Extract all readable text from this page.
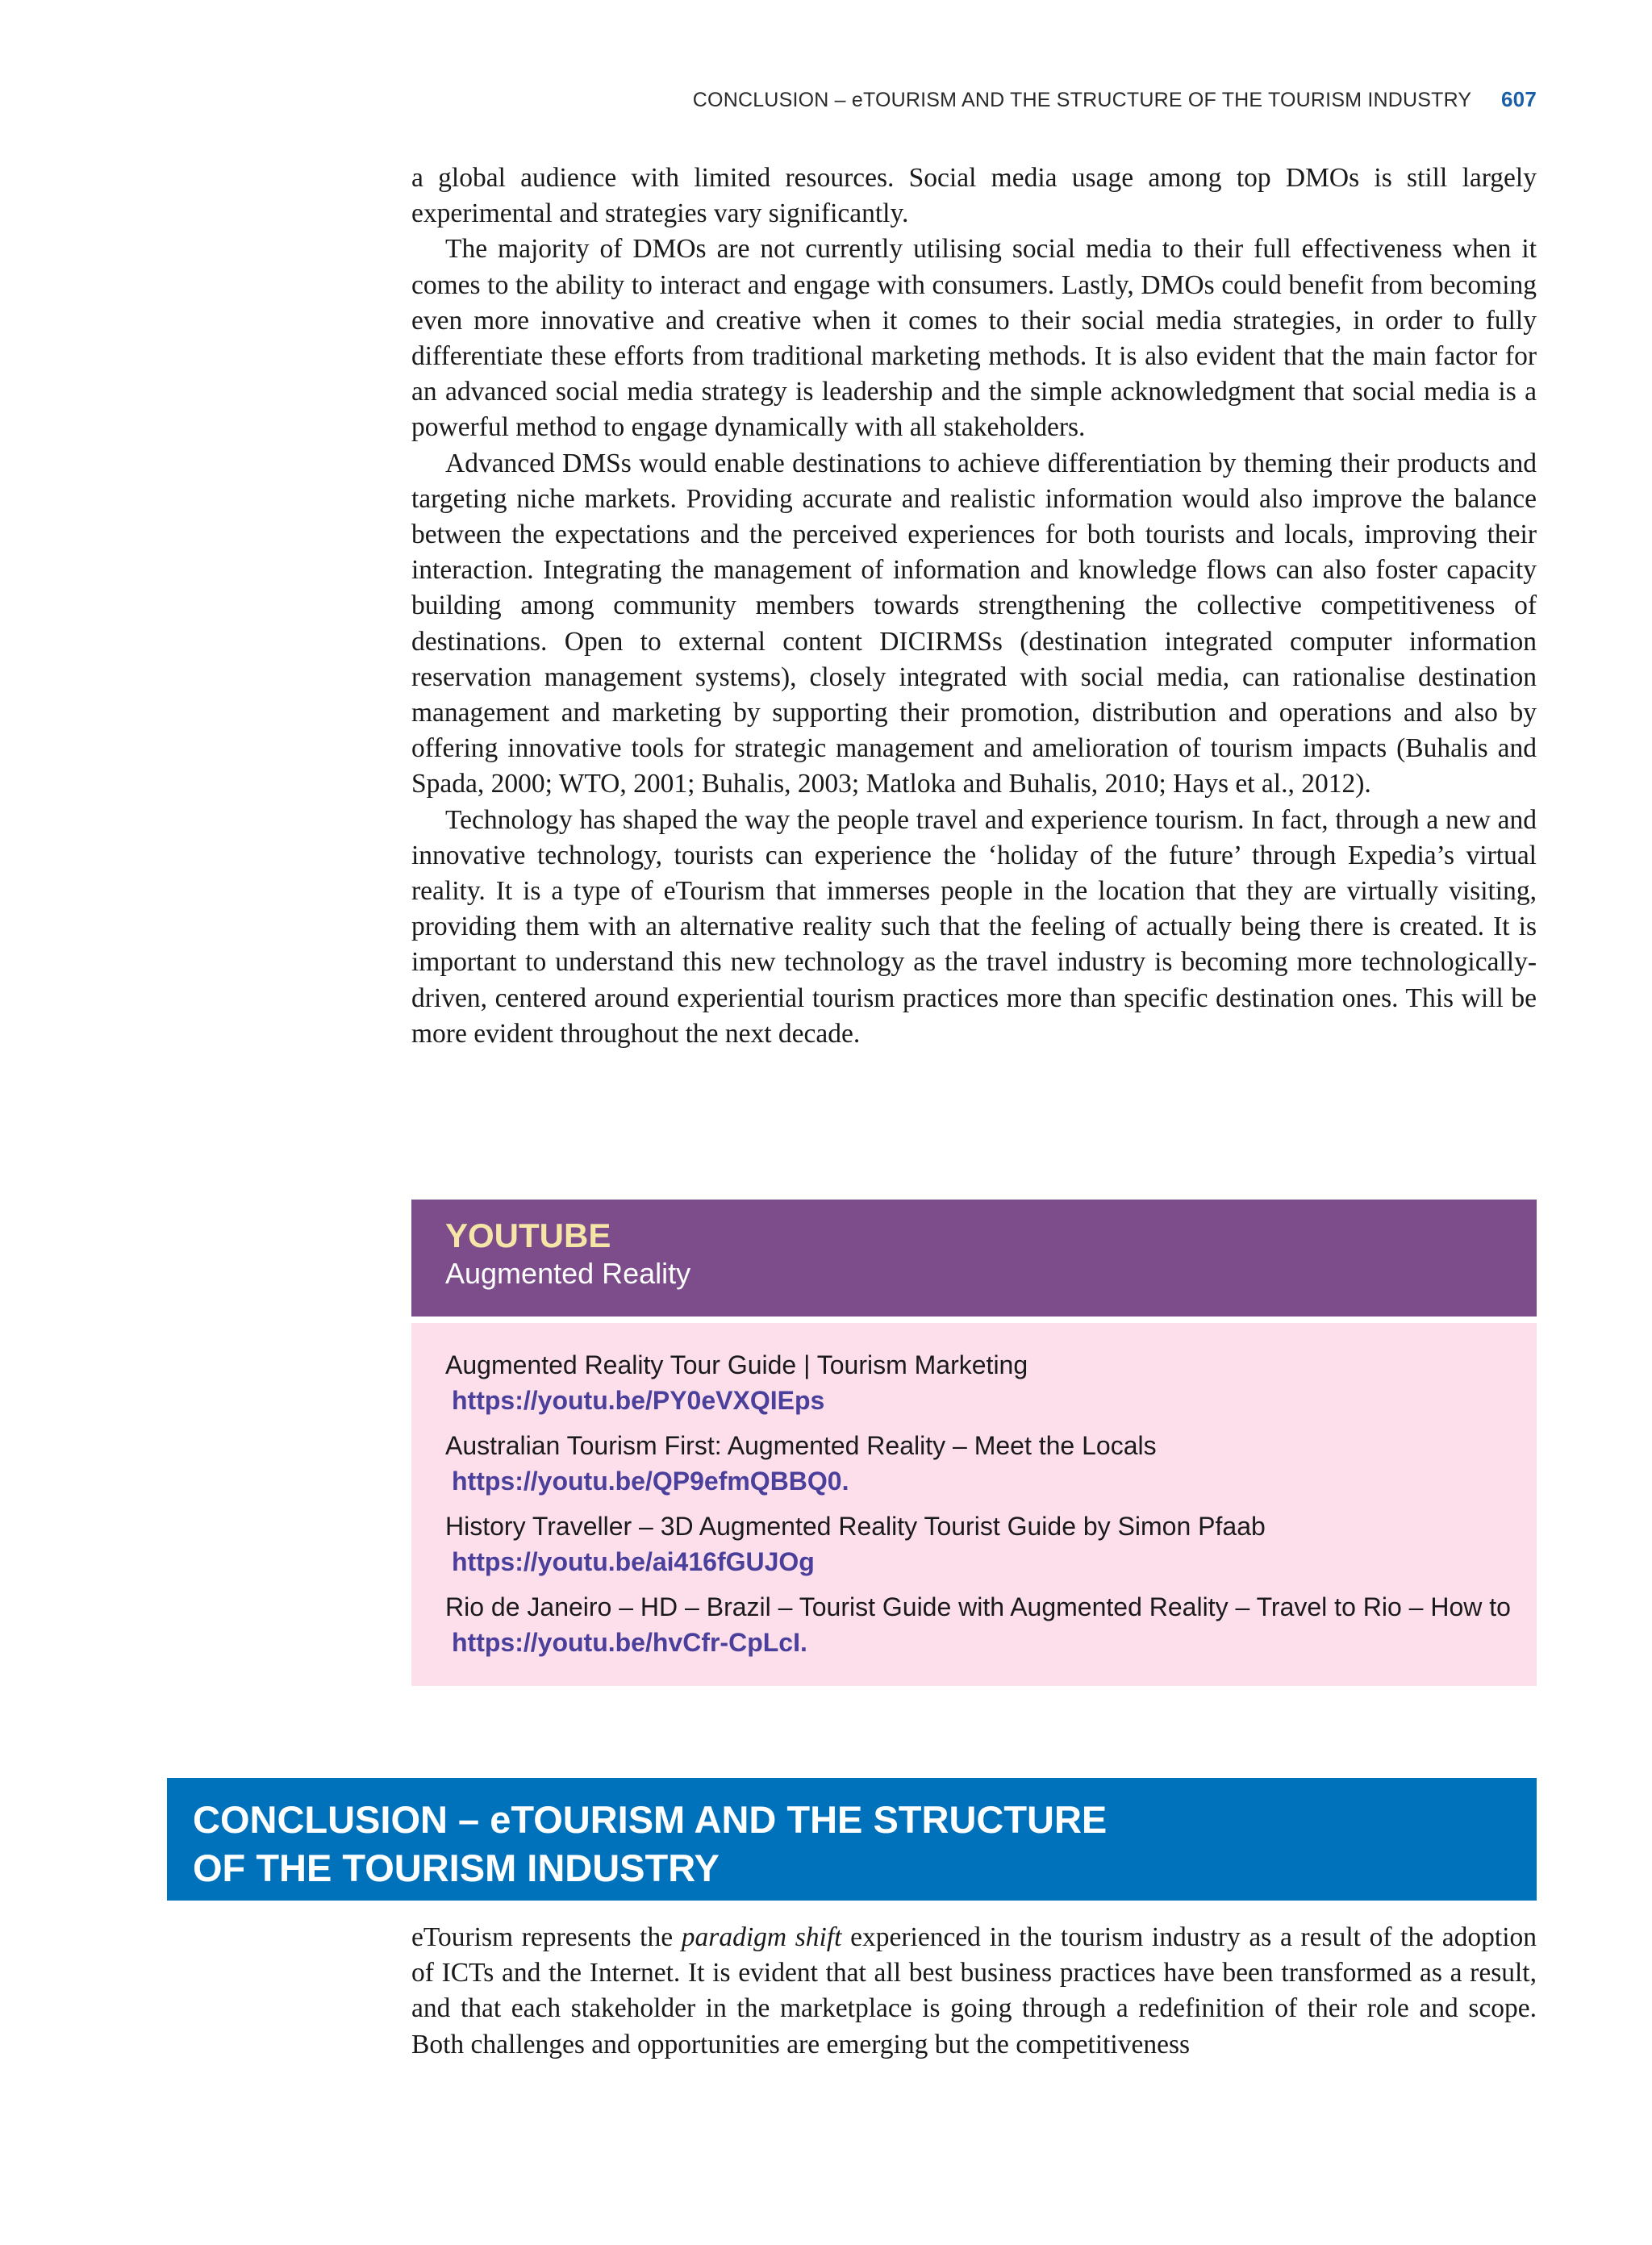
CONCLUSION – eTOURISM AND THE STRUCTURE OF THE TOURISM INDUSTRY 607

a global audience with limited resources. Social media usage among top DMOs is still largely experimental and strategies vary significantly.

The majority of DMOs are not currently utilising social media to their full effectiveness when it comes to the ability to interact and engage with consumers. Lastly, DMOs could benefit from becoming even more innovative and creative when it comes to their social media strategies, in order to fully differentiate these efforts from traditional marketing methods. It is also evident that the main factor for an advanced social media strategy is leadership and the simple acknowledgment that social media is a powerful method to engage dynamically with all stakeholders.

Advanced DMSs would enable destinations to achieve differentiation by theming their products and targeting niche markets. Providing accurate and realistic information would also improve the balance between the expectations and the perceived experiences for both tourists and locals, improving their interaction. Integrating the management of information and knowledge flows can also foster capacity building among community members towards strengthening the collective competitiveness of destinations. Open to external content DICIRMSs (destination integrated computer information reservation management systems), closely integrated with social media, can rationalise destination management and marketing by supporting their promotion, distribution and operations and also by offering innovative tools for strategic management and amelioration of tourism impacts (Buhalis and Spada, 2000; WTO, 2001; Buhalis, 2003; Matloka and Buhalis, 2010; Hays et al., 2012).

Technology has shaped the way the people travel and experience tourism. In fact, through a new and innovative technology, tourists can experience the ‘holiday of the future’ through Expedia’s virtual reality. It is a type of eTourism that immerses people in the location that they are virtually visiting, providing them with an alternative reality such that the feeling of actually being there is created. It is important to understand this new technology as the travel industry is becoming more technologically-driven, centered around experiential tourism practices more than specific destination ones. This will be more evident throughout the next decade.

YOUTUBE
Augmented Reality
Augmented Reality Tour Guide | Tourism Marketing
https://youtu.be/PY0eVXQIEps
Australian Tourism First: Augmented Reality – Meet the Locals
https://youtu.be/QP9efmQBBQ0.
History Traveller – 3D Augmented Reality Tourist Guide by Simon Pfaab
https://youtu.be/ai416fGUJOg
Rio de Janeiro – HD – Brazil – Tourist Guide with Augmented Reality – Travel to Rio – How to
https://youtu.be/hvCfr-CpLcI.
CONCLUSION – eTOURISM AND THE STRUCTURE
OF THE TOURISM INDUSTRY

eTourism represents the paradigm shift experienced in the tourism industry as a result of the adoption of ICTs and the Internet. It is evident that all best business practices have been transformed as a result, and that each stakeholder in the marketplace is going through a redefinition of their role and scope. Both challenges and opportunities are emerging but the competitiveness
